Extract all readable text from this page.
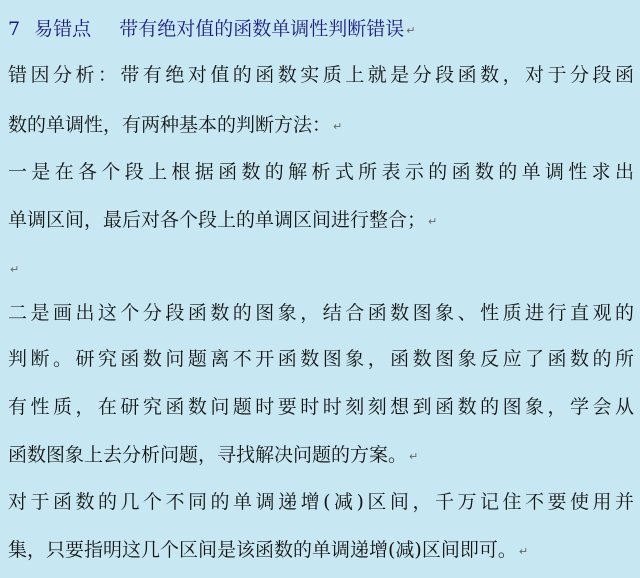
7 易错点 带有绝对值的函数单调性判断错误 ↵
错因分析：带有绝对值的函数实质上就是分段函数，对于分段函
数的单调性，有两种基本的判断方法： ↵
一是在各个段上根据函数的解析式所表示的函数的单调性求出
单调区间，最后对各个段上的单调区间进行整合； ↵
↵
二是画出这个分段函数的图象，结合函数图象、性质进行直观的
判断。研究函数问题离不开函数图象，函数图象反应了函数的所
有性质，在研究函数问题时要时时刻刻想到函数的图象，学会从
函数图象上去分析问题，寻找解决问题的方案。 ↵
对于函数的几个不同的单调递增(减)区间，千万记住不要使用并
集，只要指明这几个区间是该函数的单调递增(减)区间即可。 ↵
